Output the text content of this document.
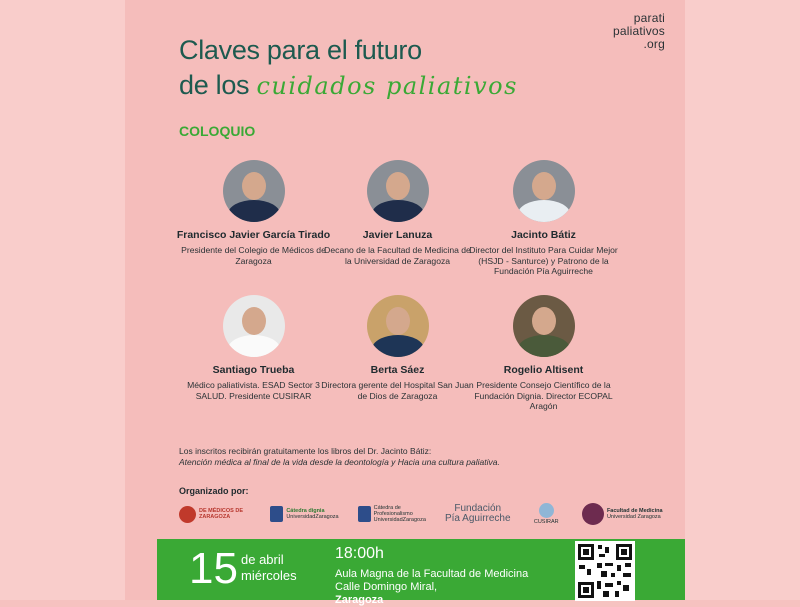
parati
paliativos
.org
Claves para el futuro
de los cuidados paliativos
COLOQUIO
Francisco Javier García Tirado
Presidente del Colegio de Médicos de Zaragoza
Javier Lanuza
Decano de la Facultad de Medicina de la Universidad de Zaragoza
Jacinto Bátiz
Director del Instituto Para Cuidar Mejor (HSJD - Santurce) y Patrono de la Fundación Pía Aguirreche
Santiago Trueba
Médico paliativista. ESAD Sector 3 SALUD. Presidente CUSIRAR
Berta Sáez
Directora gerente del Hospital San Juan de Dios de Zaragoza
Rogelio Altisent
Presidente Consejo Científico de la Fundación Dignia. Director ECOPAL Aragón
Los inscritos recibirán gratuitamente los libros del Dr. Jacinto Bátiz:
Atención médica al final de la vida desde la deontología y Hacia una cultura paliativa.
Organizado por:
DE MÉDICOS DE ZARAGOZA
Cátedra dignia
UniversidadZaragoza
Cátedra de Profesionalismo
UniversidadZaragoza
Fundación
Pía Aguirreche	CUSIRAR
Facultad de Medicina
Universidad Zaragoza
15 de abril
miércoles
18:00h
Aula Magna de la Facultad de Medicina
Calle Domingo Miral,
Zaragoza
